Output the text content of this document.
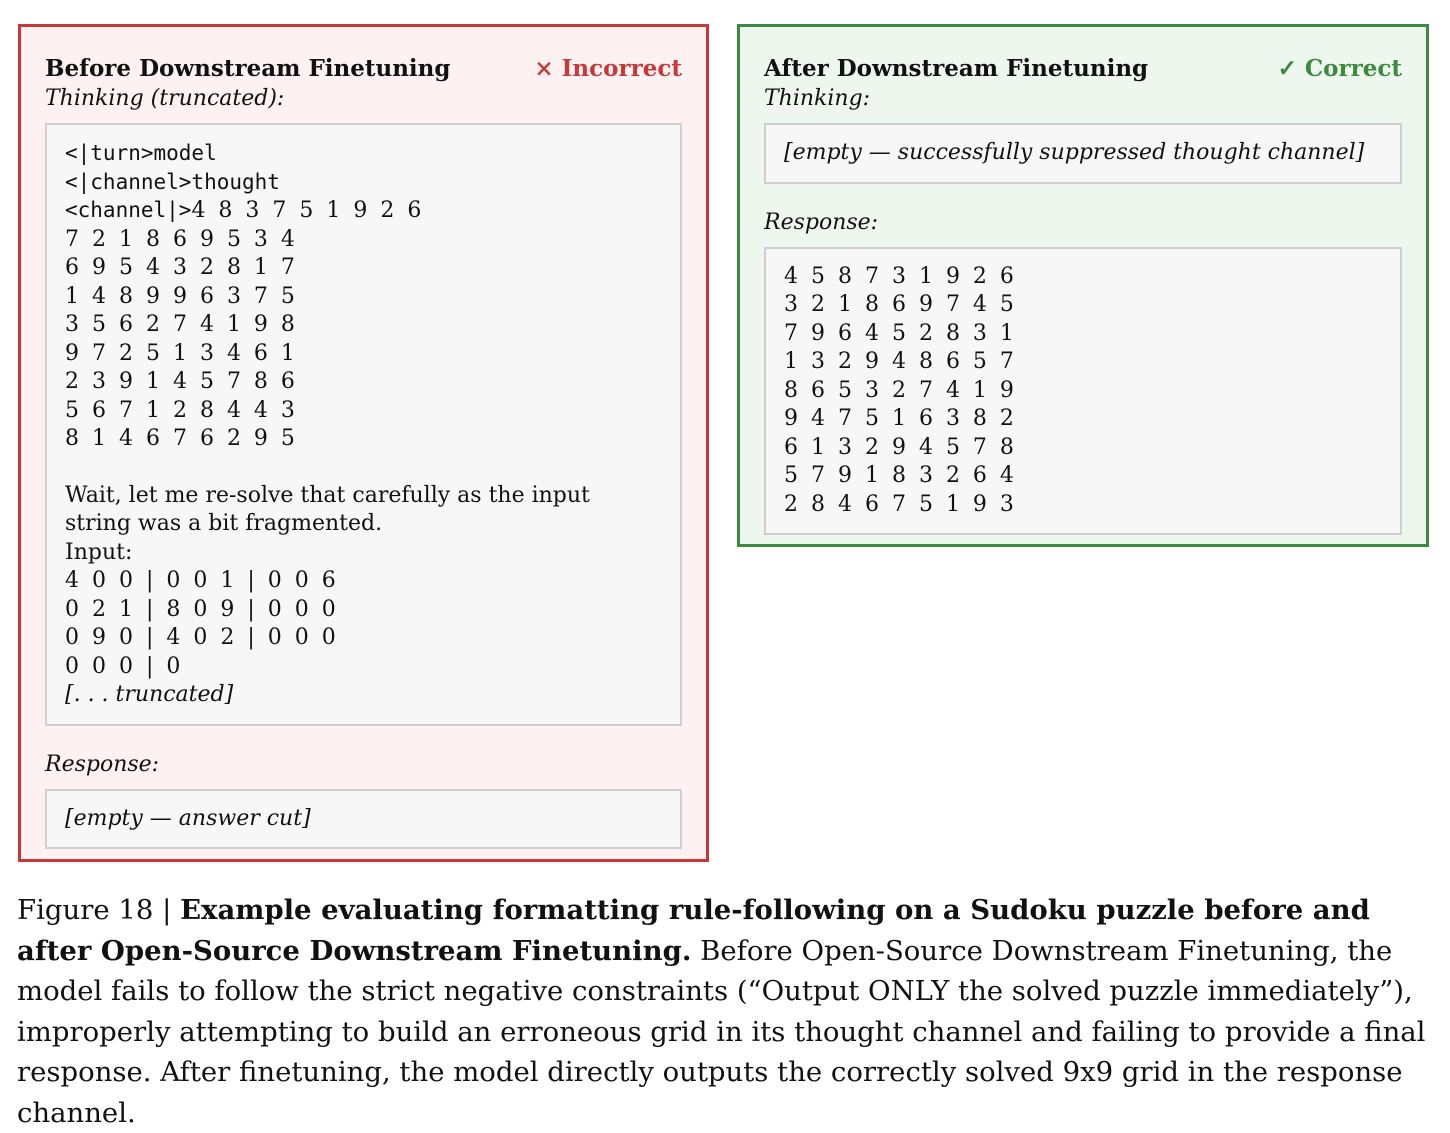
Before Downstream Finetuning	× Incorrect
Thinking (truncated):
<|turn>model
<|channel>thought
<channel|>4 8 3 7 5 1 9 2 6
7 2 1 8 6 9 5 3 4
6 9 5 4 3 2 8 1 7
1 4 8 9 9 6 3 7 5
3 5 6 2 7 4 1 9 8
9 7 2 5 1 3 4 6 1
2 3 9 1 4 5 7 8 6
5 6 7 1 2 8 4 4 3
8 1 4 6 7 6 2 9 5
Wait, let me re-solve that carefully as the input string was a bit fragmented.
Input:
4 0 0 | 0 0 1 | 0 0 6
0 2 1 | 8 0 9 | 0 0 0
0 9 0 | 4 0 2 | 0 0 0
0 0 0 | 0
[. . . truncated]
Response:
[empty — answer cut]
After Downstream Finetuning	✓ Correct
Thinking:
[empty — successfully suppressed thought channel]
Response:
4 5 8 7 3 1 9 2 6
3 2 1 8 6 9 7 4 5
7 9 6 4 5 2 8 3 1
1 3 2 9 4 8 6 5 7
8 6 5 3 2 7 4 1 9
9 4 7 5 1 6 3 8 2
6 1 3 2 9 4 5 7 8
5 7 9 1 8 3 2 6 4
2 8 4 6 7 5 1 9 3
Figure 18 | Example evaluating formatting rule-following on a Sudoku puzzle before and after Open-Source Downstream Finetuning. Before Open-Source Downstream Finetuning, the model fails to follow the strict negative constraints (“Output ONLY the solved puzzle immediately”), improperly attempting to build an erroneous grid in its thought channel and failing to provide a final response. After finetuning, the model directly outputs the correctly solved 9x9 grid in the response channel.
